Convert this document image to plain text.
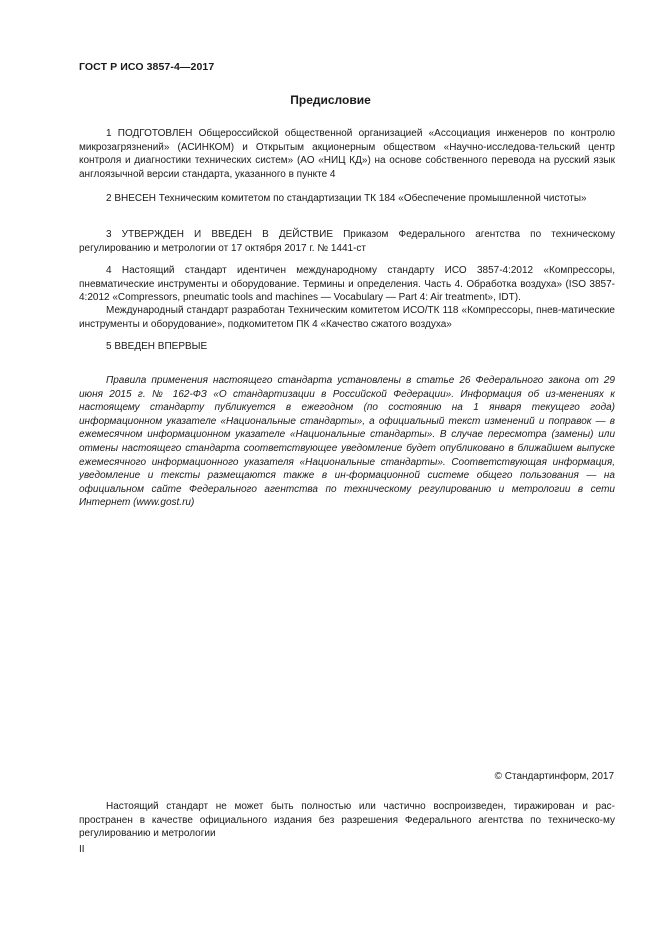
ГОСТ Р ИСО 3857-4—2017
Предисловие
1 ПОДГОТОВЛЕН Общероссийской общественной организацией «Ассоциация инженеров по контролю микрозагрязнений» (АСИНКОМ) и Открытым акционерным обществом «Научно-исследова-тельский центр контроля и диагностики технических систем» (АО «НИЦ КД») на основе собственного перевода на русский язык англоязычной версии стандарта, указанного в пункте 4
2 ВНЕСЕН Техническим комитетом по стандартизации ТК 184 «Обеспечение промышленной чистоты»
3 УТВЕРЖДЕН И ВВЕДЕН В ДЕЙСТВИЕ Приказом Федерального агентства по техническому регулированию и метрологии от 17 октября 2017 г. № 1441-ст
4 Настоящий стандарт идентичен международному стандарту ИСО 3857-4:2012 «Компрессоры, пневматические инструменты и оборудование. Термины и определения. Часть 4. Обработка воздуха» (ISO 3857-4:2012 «Compressors, pneumatic tools and machines — Vocabulary — Part 4: Air treatment», IDT).
Международный стандарт разработан Техническим комитетом ИСО/ТК 118 «Компрессоры, пнев-матические инструменты и оборудование», подкомитетом ПК 4 «Качество сжатого воздуха»
5 ВВЕДЕН ВПЕРВЫЕ
Правила применения настоящего стандарта установлены в статье 26 Федерального закона от 29 июня 2015 г. № 162-ФЗ «О стандартизации в Российской Федерации». Информация об из-менениях к настоящему стандарту публикуется в ежегодном (по состоянию на 1 января текущего года) информационном указателе «Национальные стандарты», а официальный текст изменений и поправок — в ежемесячном информационном указателе «Национальные стандарты». В случае пересмотра (замены) или отмены настоящего стандарта соответствующее уведомление будет опубликовано в ближайшем выпуске ежемесячного информационного указателя «Национальные стандарты». Соответствующая информация, уведомление и тексты размещаются также в ин-формационной системе общего пользования — на официальном сайте Федерального агентства по техническому регулированию и метрологии в сети Интернет (www.gost.ru)
© Стандартинформ, 2017
Настоящий стандарт не может быть полностью или частично воспроизведен, тиражирован и рас-пространен в качестве официального издания без разрешения Федерального агентства по техническо-му регулированию и метрологии
II
